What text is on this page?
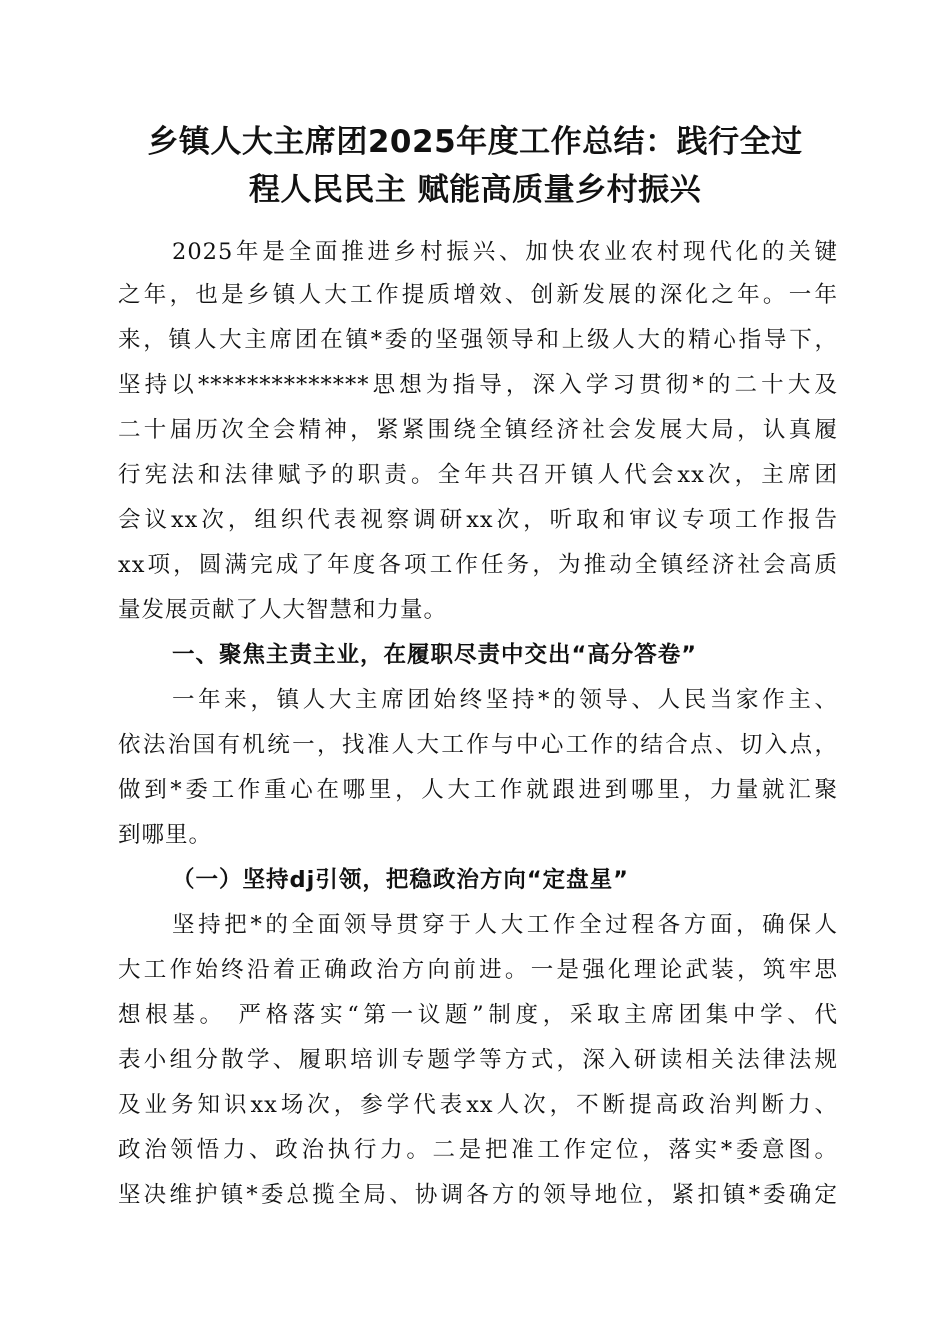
乡镇人大主席团2025年度工作总结：践行全过
程人民民主 赋能高质量乡村振兴
2025年是全面推进乡村振兴、加快农业农村现代化的关键
之年，也是乡镇人大工作提质增效、创新发展的深化之年。一年
来，镇人大主席团在镇*委的坚强领导和上级人大的精心指导下，
坚持以**************思想为指导，深入学习贯彻*的二十大及
二十届历次全会精神，紧紧围绕全镇经济社会发展大局，认真履
行宪法和法律赋予的职责。全年共召开镇人代会xx次，主席团
会议xx次，组织代表视察调研xx次，听取和审议专项工作报告
xx项，圆满完成了年度各项工作任务，为推动全镇经济社会高质
量发展贡献了人大智慧和力量。
一、聚焦主责主业，在履职尽责中交出“高分答卷”
一年来，镇人大主席团始终坚持*的领导、人民当家作主、
依法治国有机统一，找准人大工作与中心工作的结合点、切入点，
做到*委工作重心在哪里，人大工作就跟进到哪里，力量就汇聚
到哪里。
（一）坚持dj引领，把稳政治方向“定盘星”
坚持把*的全面领导贯穿于人大工作全过程各方面，确保人
大工作始终沿着正确政治方向前进。一是强化理论武装，筑牢思
想根基。 严格落实“第一议题”制度，采取主席团集中学、代
表小组分散学、履职培训专题学等方式，深入研读相关法律法规
及业务知识xx场次，参学代表xx人次，不断提高政治判断力、
政治领悟力、政治执行力。二是把准工作定位，落实*委意图。
坚决维护镇*委总揽全局、协调各方的领导地位，紧扣镇*委确定
